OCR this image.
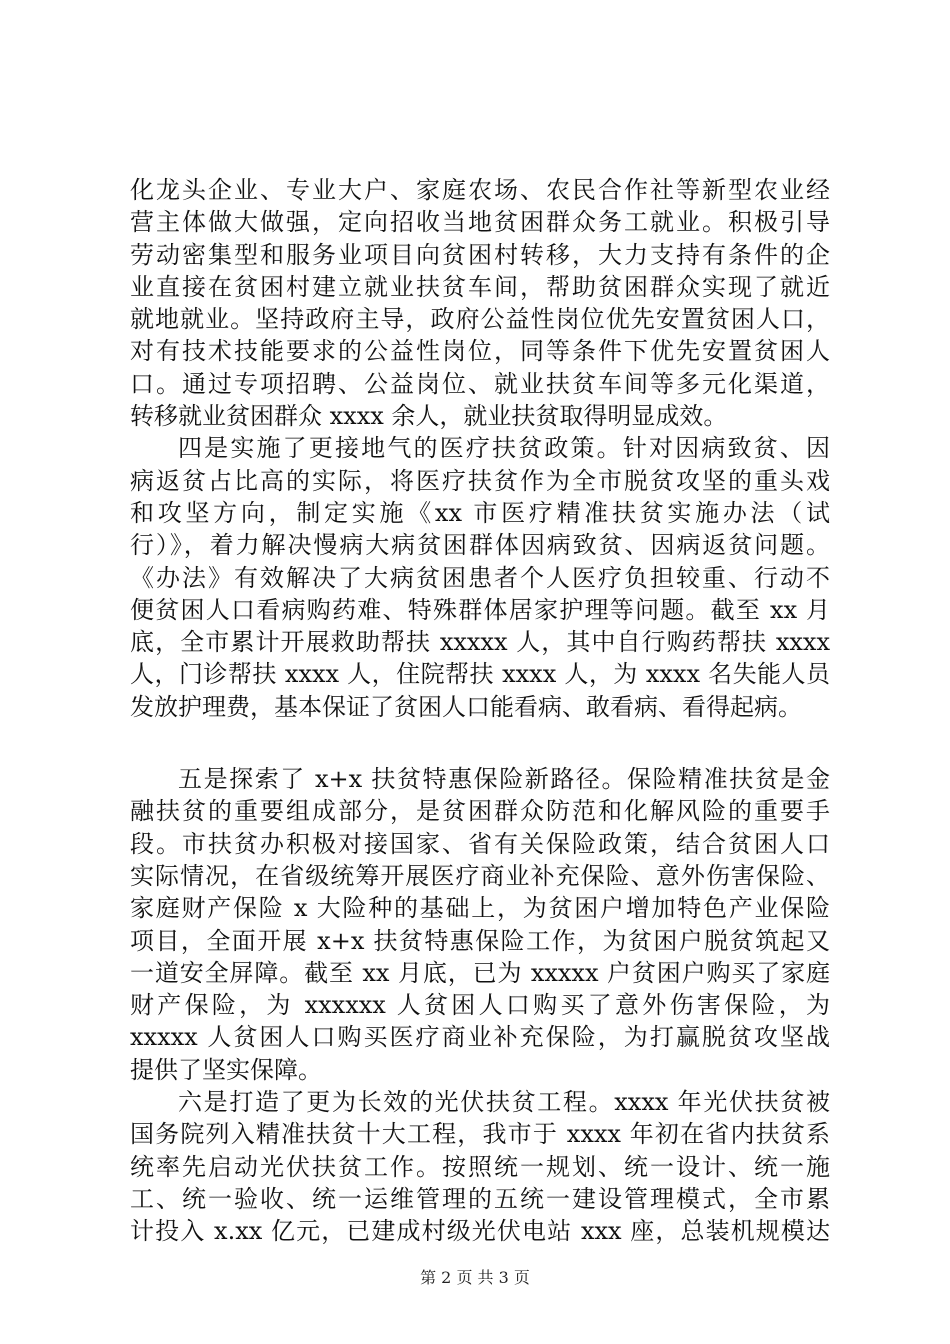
化龙头企业、专业大户、家庭农场、农民合作社等新型农业经
营主体做大做强，定向招收当地贫困群众务工就业。积极引导
劳动密集型和服务业项目向贫困村转移，大力支持有条件的企
业直接在贫困村建立就业扶贫车间，帮助贫困群众实现了就近
就地就业。坚持政府主导，政府公益性岗位优先安置贫困人口，
对有技术技能要求的公益性岗位，同等条件下优先安置贫困人
口。通过专项招聘、公益岗位、就业扶贫车间等多元化渠道，
转移就业贫困群众 xxxx 余人，就业扶贫取得明显成效。
四是实施了更接地气的医疗扶贫政策。针对因病致贫、因
病返贫占比高的实际，将医疗扶贫作为全市脱贫攻坚的重头戏
和攻坚方向，制定实施《xx 市医疗精准扶贫实施办法（试
行）》，着力解决慢病大病贫困群体因病致贫、因病返贫问题。
《办法》有效解决了大病贫困患者个人医疗负担较重、行动不
便贫困人口看病购药难、特殊群体居家护理等问题。截至 xx 月
底，全市累计开展救助帮扶 xxxxx 人，其中自行购药帮扶 xxxx
人，门诊帮扶 xxxx 人，住院帮扶 xxxx 人，为 xxxx 名失能人员
发放护理费，基本保证了贫困人口能看病、敢看病、看得起病。
五是探索了 x+x 扶贫特惠保险新路径。保险精准扶贫是金
融扶贫的重要组成部分，是贫困群众防范和化解风险的重要手
段。市扶贫办积极对接国家、省有关保险政策，结合贫困人口
实际情况，在省级统筹开展医疗商业补充保险、意外伤害保险、
家庭财产保险 x 大险种的基础上，为贫困户增加特色产业保险
项目，全面开展 x+x 扶贫特惠保险工作，为贫困户脱贫筑起又
一道安全屏障。截至 xx 月底，已为 xxxxx 户贫困户购买了家庭
财产保险，为 xxxxxx 人贫困人口购买了意外伤害保险，为
xxxxx 人贫困人口购买医疗商业补充保险，为打赢脱贫攻坚战
提供了坚实保障。
六是打造了更为长效的光伏扶贫工程。xxxx 年光伏扶贫被
国务院列入精准扶贫十大工程，我市于 xxxx 年初在省内扶贫系
统率先启动光伏扶贫工作。按照统一规划、统一设计、统一施
工、统一验收、统一运维管理的五统一建设管理模式，全市累
计投入 x.xx 亿元，已建成村级光伏电站 xxx 座，总装机规模达
第 2 页 共 3 页
